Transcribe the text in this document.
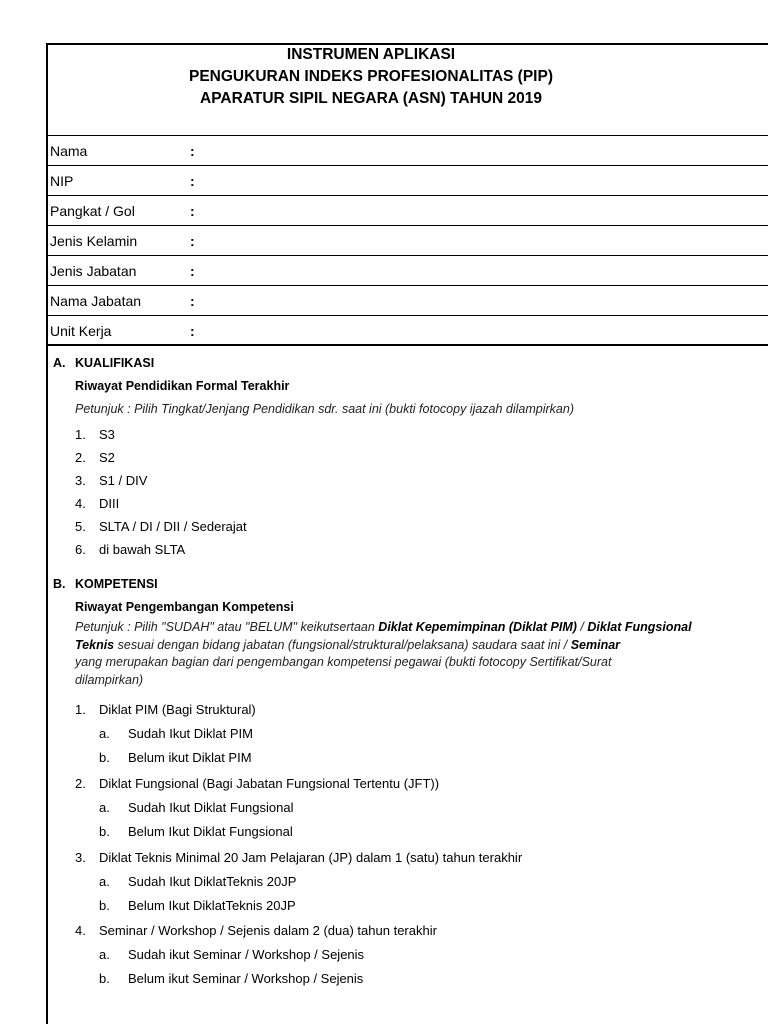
INSTRUMEN APLIKASI
PENGUKURAN INDEKS PROFESIONALITAS (PIP)
APARATUR SIPIL NEGARA (ASN) TAHUN 2019
Nama	:
NIP	:
Pangkat / Gol	:
Jenis Kelamin	:
Jenis Jabatan	:
Nama Jabatan	:
Unit Kerja	:
A. KUALIFIKASI
Riwayat Pendidikan Formal Terakhir
Petunjuk : Pilih Tingkat/Jenjang Pendidikan sdr. saat ini (bukti fotocopy ijazah dilampirkan)
1. S3
2. S2
3. S1 / DIV
4. DIII
5. SLTA / DI / DII / Sederajat
6. di bawah SLTA
B. KOMPETENSI
Riwayat Pengembangan Kompetensi
Petunjuk : Pilih "SUDAH" atau "BELUM" keikutsertaan Diklat Kepemimpinan (Diklat PIM) / Diklat Fungsional
Teknis sesuai dengan bidang jabatan (fungsional/struktural/pelaksana) saudara saat ini / Seminar
yang merupakan bagian dari pengembangan kompetensi pegawai (bukti fotocopy Sertifikat/Surat
dilampirkan)
1. Diklat PIM (Bagi Struktural)
a. Sudah Ikut Diklat PIM
b. Belum ikut Diklat PIM
2. Diklat Fungsional (Bagi Jabatan Fungsional Tertentu (JFT))
a. Sudah Ikut Diklat Fungsional
b. Belum Ikut Diklat Fungsional
3. Diklat Teknis Minimal 20 Jam Pelajaran (JP) dalam 1 (satu) tahun terakhir
a. Sudah Ikut DiklatTeknis 20JP
b. Belum Ikut DiklatTeknis 20JP
4. Seminar / Workshop / Sejenis dalam 2 (dua) tahun terakhir
a. Sudah ikut Seminar / Workshop / Sejenis
b. Belum ikut Seminar / Workshop / Sejenis
